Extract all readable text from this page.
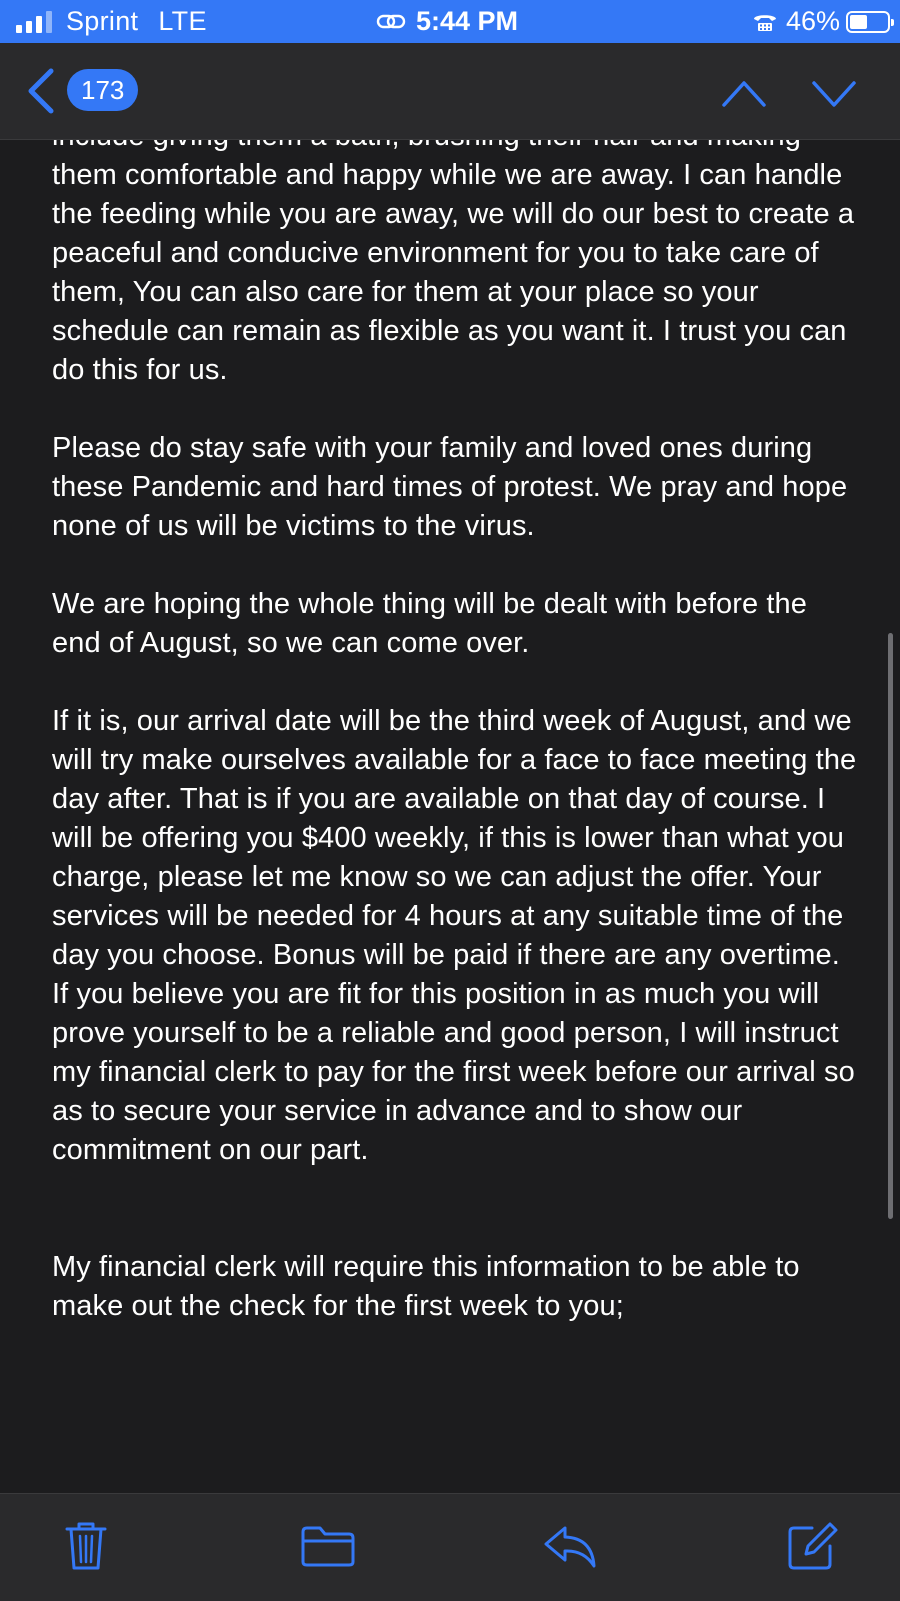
Sprint LTE	5:44 PM	46%
173

them comfortable and happy while we are away. I can handle the feeding while you are away, we will do our best to create a peaceful and conducive environment for you to take care of them, You can also care for them at your place so your schedule can remain as flexible as you want it. I trust you can do this for us.

Please do stay safe with your family and loved ones during these Pandemic and hard times of protest. We pray and hope none of us will be victims to the virus.

We are hoping the whole thing will be dealt with before the end of August, so we can come over.

If it is, our arrival date will be the third week of August, and we will try make ourselves available for a face to face meeting the day after. That is if you are available on that day of course. I will be offering you $400 weekly, if this is lower than what you charge, please let me know so we can adjust the offer. Your services will be needed for 4 hours at any suitable time of the day you choose. Bonus will be paid if there are any overtime. If you believe you are fit for this position in as much you will prove yourself to be a reliable and good person, I will instruct my financial clerk to pay for the first week before our arrival so as to secure your service in advance and to show our commitment on our part.

My financial clerk will require this information to be able to make out the check for the first week to you;
